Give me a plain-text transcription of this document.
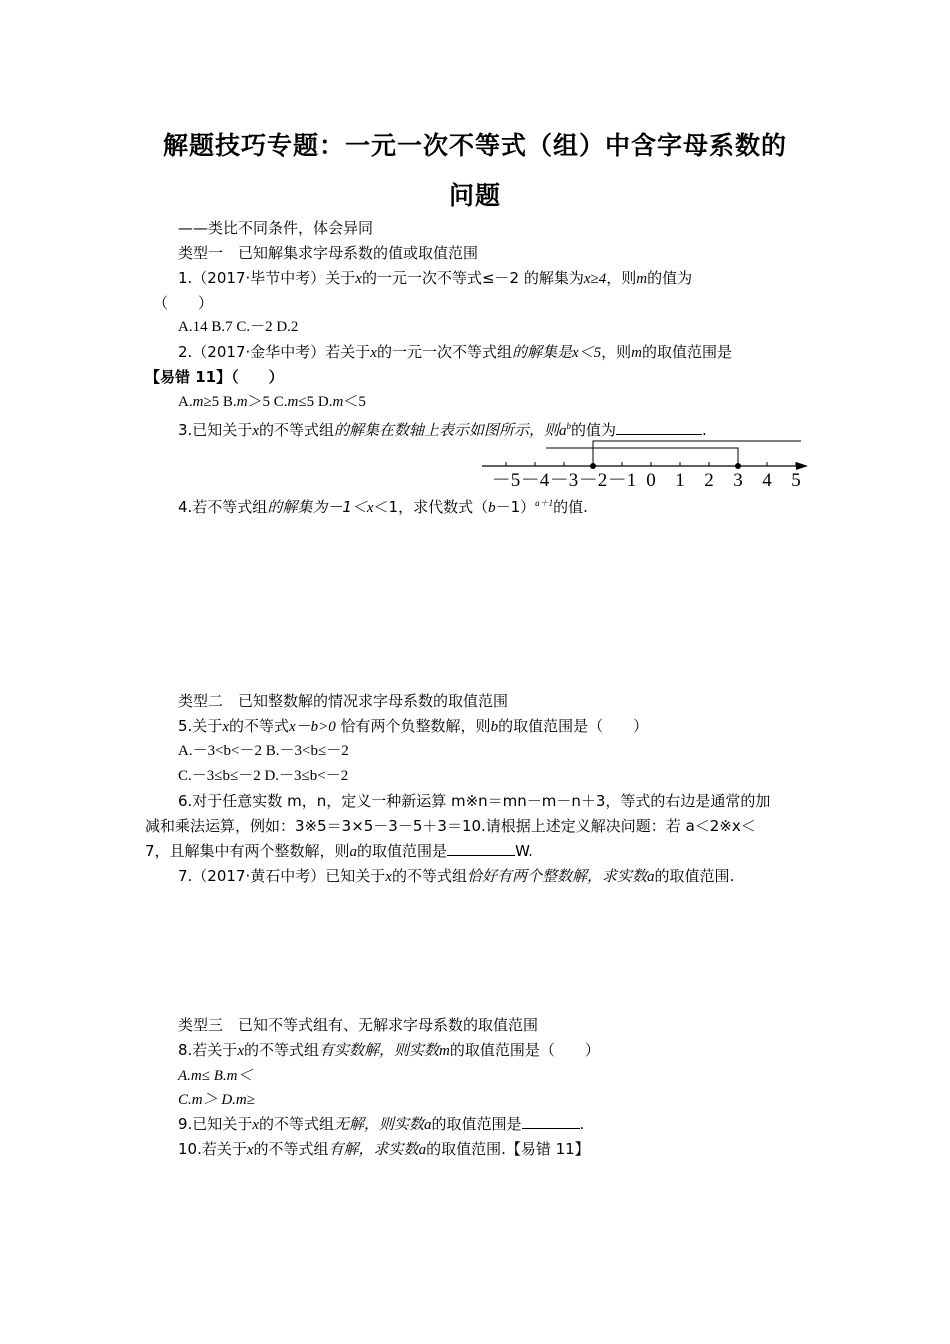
解题技巧专题：一元一次不等式（组）中含字母系数的
问题
——类比不同条件，体会异同
类型一　已知解集求字母系数的值或取值范围
1.（2017·毕节中考）关于x的一元一次不等式≤－2 的解集为x≥4，则m的值为
（　　）
A.14 B.7 C.－2 D.2
2.（2017·金华中考）若关于x的一元一次不等式组的解集是x＜5，则m的取值范围是
【易错 11】（　　）
A.m≥5 B.m＞5 C.m≤5 D.m＜5
3.已知关于x的不等式组的解集在数轴上表示如图所示，则$a^b$的值为	.
－5 －4 －3 －2 －1 0 1 2 3 4 5
4.若不等式组的解集为－1＜x＜1，求代数式$(b-1)^{a+1}$的值.
类型二　已知整数解的情况求字母系数的取值范围
5.关于x的不等式x－b>0 恰有两个负整数解，则b的取值范围是（　　）
A.－3<b<－2 B.－3<b≤－2
C.－3≤b≤－2 D.－3≤b<－2
6.对于任意实数 m，n，定义一种新运算 m※n＝mn－m－n＋3，等式的右边是通常的加
减和乘法运算，例如：3※5＝3×5－3－5＋3＝10.请根据上述定义解决问题：若 a＜2※x＜
7，且解集中有两个整数解，则a的取值范围是	W.
7.（2017·黄石中考）已知关于x的不等式组恰好有两个整数解，求实数a的取值范围.
类型三　已知不等式组有、无解求字母系数的取值范围
8.若关于x的不等式组有实数解，则实数m的取值范围是（　　）
A.m≤ B.m＜
C.m＞ D.m≥
9.已知关于x的不等式组无解，则实数a的取值范围是	.
10.若关于x的不等式组有解，求实数a的取值范围.【易错 11】
